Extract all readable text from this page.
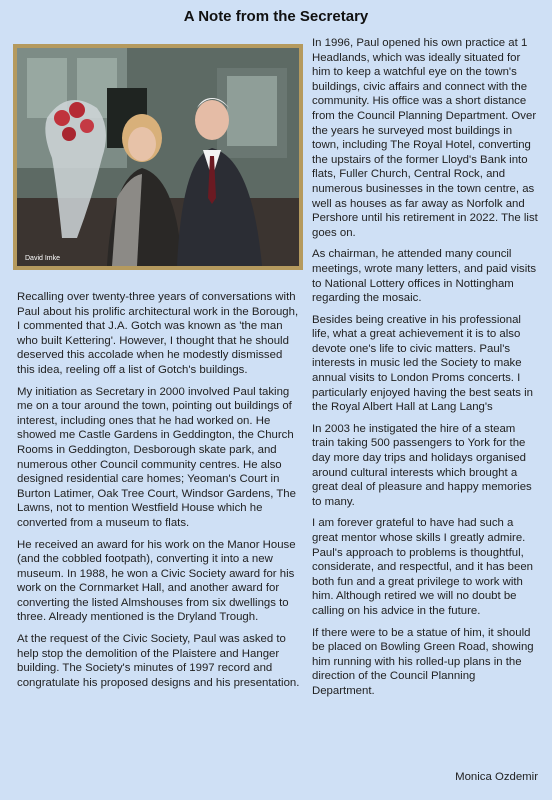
A Note from the Secretary
David Imke

Recalling over twenty-three years of conversations with Paul about his prolific architectural work in the Borough, I commented that J.A. Gotch was known as 'the man who built Kettering'. However, I thought that he should deserved this accolade when he modestly dismissed this idea, reeling off a list of Gotch's buildings.

My initiation as Secretary in 2000 involved Paul taking me on a tour around the town, pointing out buildings of interest, including ones that he had worked on. He showed me Castle Gardens in Geddington, the Church Rooms in Geddington, Desborough skate park, and numerous other Council community centres. He also designed residential care homes; Yeoman's Court in Burton Latimer, Oak Tree Court, Windsor Gardens, The Lawns, not to mention Westfield House which he converted from a museum to flats.

He received an award for his work on the Manor House (and the cobbled footpath), converting it into a new museum. In 1988, he won a Civic Society award for his work on the Cornmarket Hall, and another award for converting the listed Almshouses from six dwellings to three. Already mentioned is the Dryland Trough.

At the request of the Civic Society, Paul was asked to help stop the demolition of the Plaistere and Hanger building. The Society's minutes of 1997 record and congratulate his proposed designs and his presentation.

In 1996, Paul opened his own practice at 1 Headlands, which was ideally situated for him to keep a watchful eye on the town's buildings, civic affairs and connect with the community. His office was a short distance from the Council Planning Department. Over the years he surveyed most buildings in town, including The Royal Hotel, converting the upstairs of the former Lloyd's Bank into flats, Fuller Church, Central Rock, and numerous businesses in the town centre, as well as houses as far away as Norfolk and Pershore until his retirement in 2022. The list goes on.

As chairman, he attended many council meetings, wrote many letters, and paid visits to National Lottery offices in Nottingham regarding the mosaic.

Besides being creative in his professional life, what a great achievement it is to also devote one's life to civic matters. Paul's interests in music led the Society to make annual visits to London Proms concerts. I particularly enjoyed having the best seats in the Royal Albert Hall at Lang Lang's

In 2003 he instigated the hire of a steam train taking 500 passengers to York for the day more day trips and holidays organised around cultural interests which brought a great deal of pleasure and happy memories to many.

I am forever grateful to have had such a great mentor whose skills I greatly admire. Paul's approach to problems is thoughtful, considerate, and respectful, and it has been both fun and a great privilege to work with him. Although retired we will no doubt be calling on his advice in the future.

If there were to be a statue of him, it should be placed on Bowling Green Road, showing him running with his rolled-up plans in the direction of the Council Planning Department.

Monica Ozdemir
